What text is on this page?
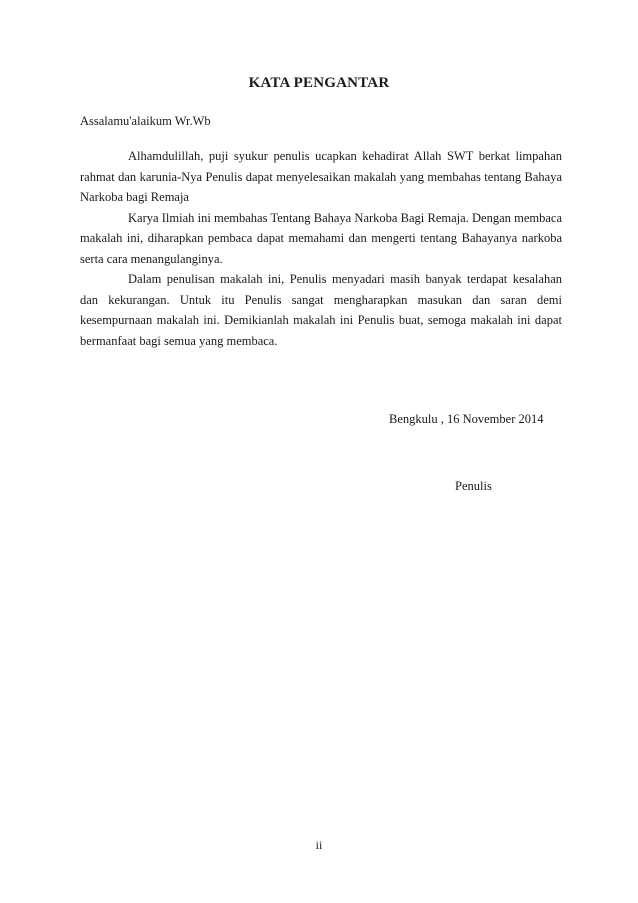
KATA PENGANTAR
Assalamu'alaikum Wr.Wb

Alhamdulillah, puji syukur penulis ucapkan kehadirat Allah SWT berkat limpahan rahmat dan karunia-Nya Penulis dapat menyelesaikan makalah yang membahas tentang Bahaya Narkoba bagi Remaja

Karya Ilmiah ini membahas Tentang Bahaya Narkoba Bagi Remaja. Dengan membaca makalah ini, diharapkan pembaca dapat memahami dan mengerti tentang Bahayanya narkoba serta cara menangulanginya.

Dalam penulisan makalah ini, Penulis menyadari masih banyak terdapat kesalahan dan kekurangan. Untuk itu Penulis sangat mengharapkan masukan dan saran demi kesempurnaan makalah ini. Demikianlah makalah ini Penulis buat, semoga makalah ini dapat bermanfaat bagi semua yang membaca.

Bengkulu , 16 November 2014
Penulis
ii
